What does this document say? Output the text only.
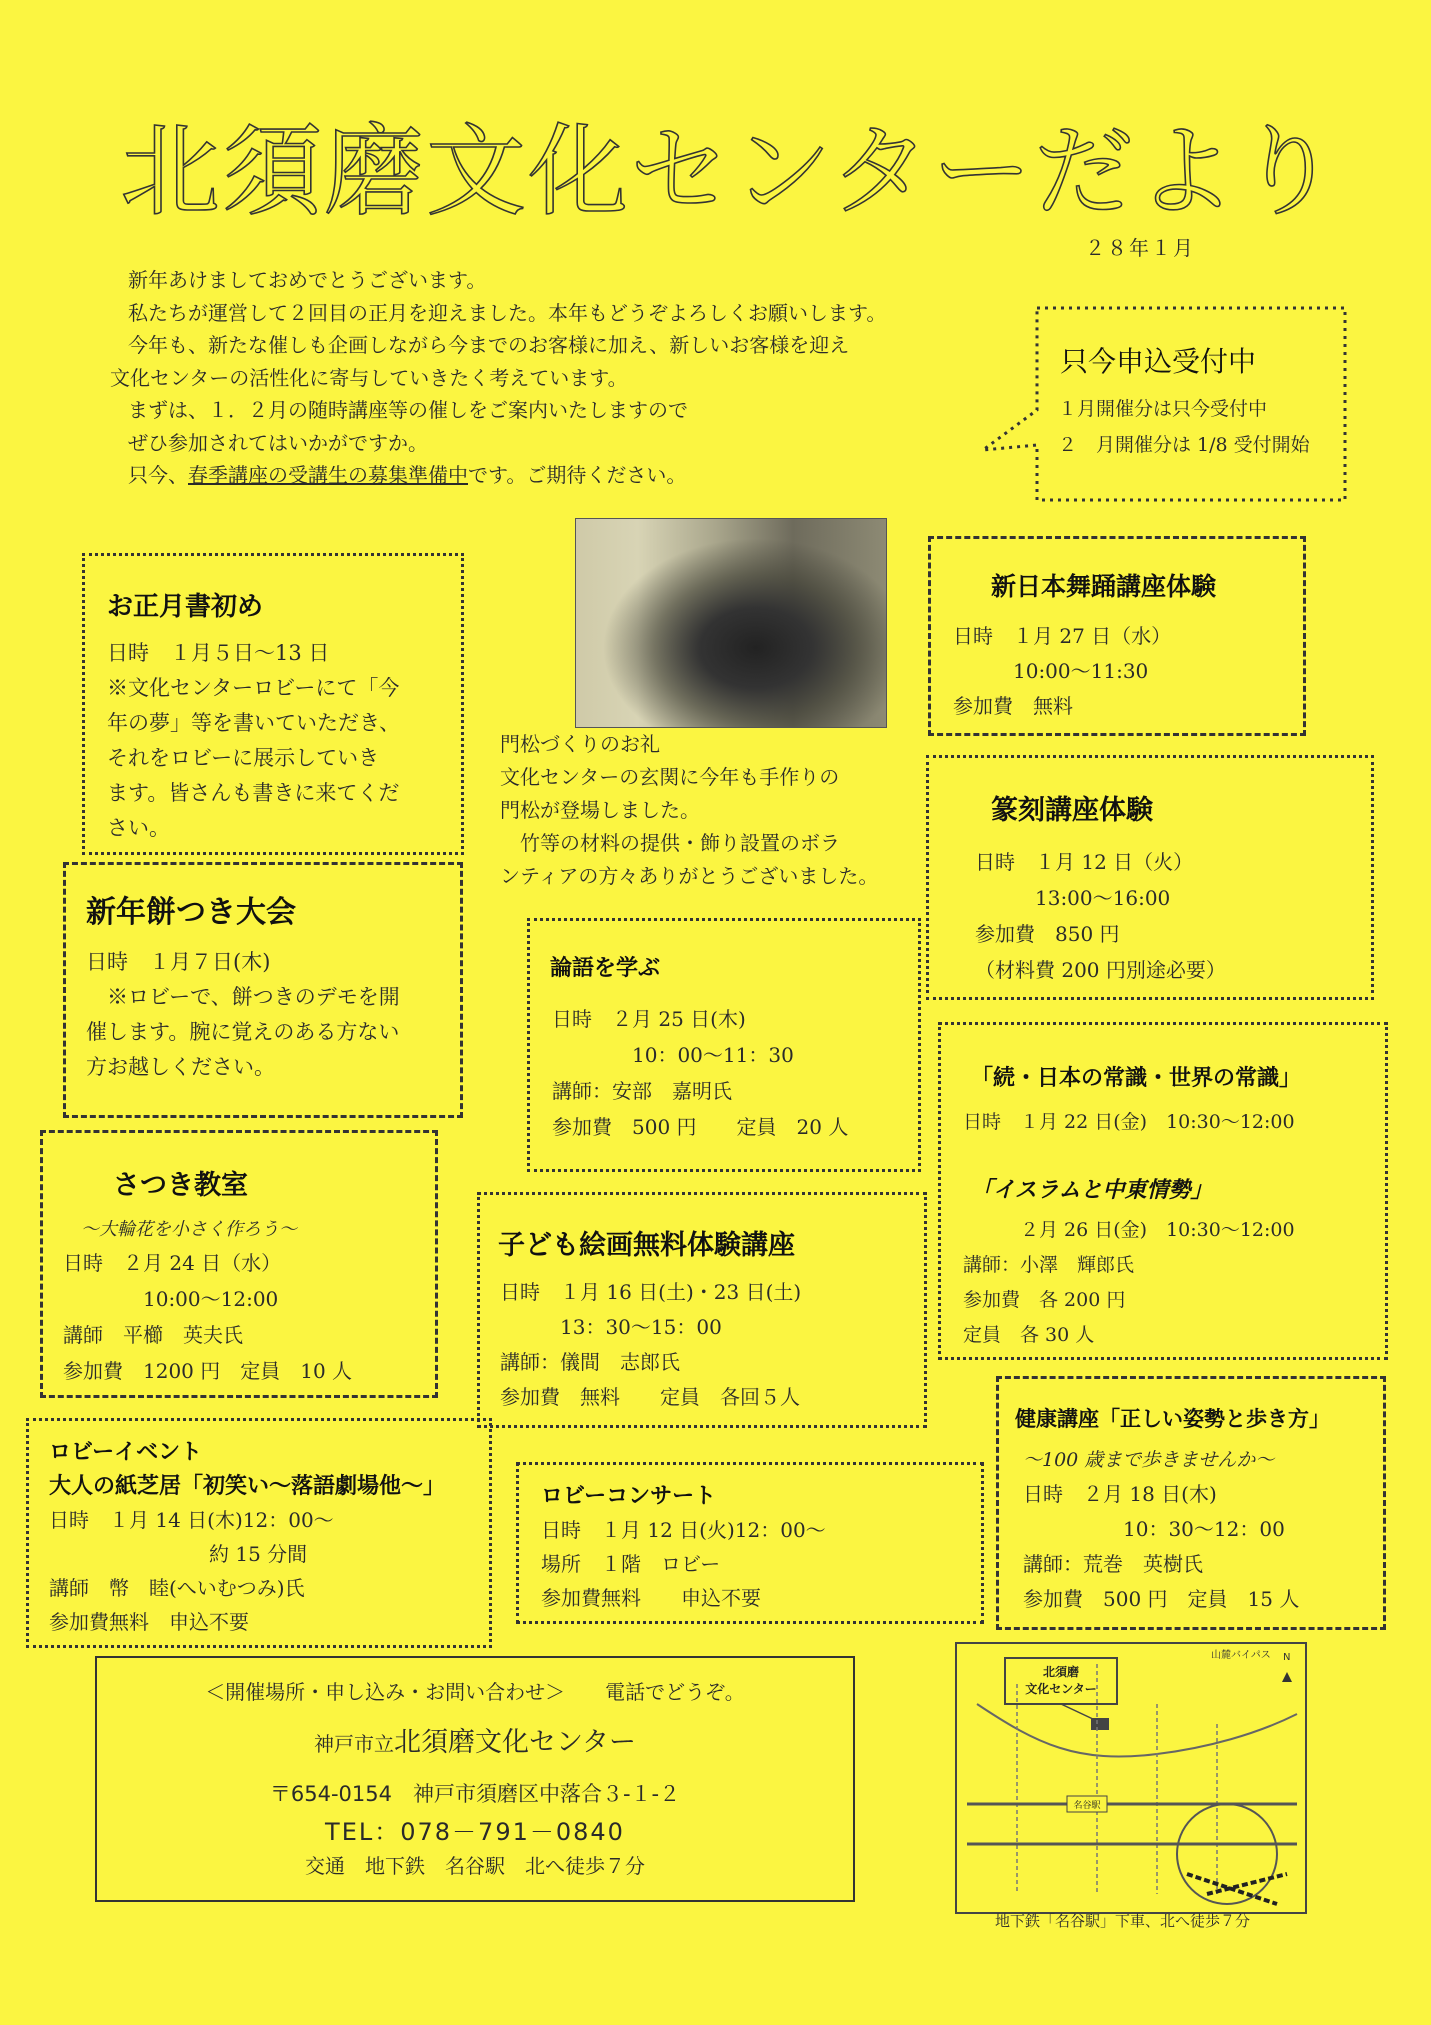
北須磨文化センターだより
２８年１月
新年あけましておめでとうございます。
私たちが運営して２回目の正月を迎えました。本年もどうぞよろしくお願いします。
今年も、新たな催しも企画しながら今までのお客様に加え、新しいお客様を迎え
文化センターの活性化に寄与していきたく考えています。
まずは、１．２月の随時講座等の催しをご案内いたしますので
ぜひ参加されてはいかがですか。
只今、春季講座の受講生の募集準備中です。ご期待ください。
只今申込受付中
１月開催分は只今受付中
２　月開催分は 1/8 受付開始
お正月書初め
日時　１月５日～13 日
※文化センターロビーにて「今
年の夢」等を書いていただき、
それをロビーに展示していき
ます。皆さんも書きに来てくだ
さい。
新年餅つき大会
日時　１月７日(木)
　※ロビーで、餅つきのデモを開
催します。腕に覚えのある方ない
方お越しください。
さつき教室
～大輪花を小さく作ろう～
日時　２月 24 日（水）
　　　　10:00～12:00
講師　平櫛　英夫氏
参加費　1200 円　定員　10 人
ロビーイベント
大人の紙芝居「初笑い～落語劇場他～」
日時　１月 14 日(木)12：00～
　　　　　　　　約 15 分間
講師　幣　睦(へいむつみ)氏
参加費無料　申込不要
門松づくりのお礼
文化センターの玄関に今年も手作りの
門松が登場しました。
　竹等の材料の提供・飾り設置のボラ
ンティアの方々ありがとうございました。
論語を学ぶ
日時　２月 25 日(木)
　　　　10：00～11：30
講師：安部　嘉明氏
参加費　500 円　　定員　20 人
子ども絵画無料体験講座
日時　１月 16 日(土)・23 日(土)
　　　13：30～15：00
講師：儀間　志郎氏
参加費　無料　　定員　各回５人
ロビーコンサート
日時　１月 12 日(火)12：00～
場所　１階　ロビー
参加費無料　　申込不要
新日本舞踊講座体験
日時　１月 27 日（水）
　　　10:00～11:30
参加費　無料
篆刻講座体験
日時　１月 12 日（火）
　　　13:00～16:00
参加費　850 円
（材料費 200 円別途必要）
「続・日本の常識・世界の常識」
日時　１月 22 日(金)　10:30～12:00
「イスラムと中東情勢」
　　　２月 26 日(金)　10:30～12:00
講師：小澤　輝郎氏
参加費　各 200 円
定員　各 30 人
健康講座「正しい姿勢と歩き方」
～100 歳まで歩きませんか～
日時　２月 18 日(木)
　　　　　10：30～12：00
講師：荒巻　英樹氏
参加費　500 円　定員　15 人
＜開催場所・申し込み・お問い合わせ＞　　電話でどうぞ。
神戸市立北須磨文化センター
〒654-0154　神戸市須磨区中落合３-１-２
TEL：078－791－0840
交通　地下鉄　名谷駅　北へ徒歩７分
北須磨
文化センター
山麓バイパス N
名谷駅
地下鉄「名谷駅」下車、北へ徒歩７分
